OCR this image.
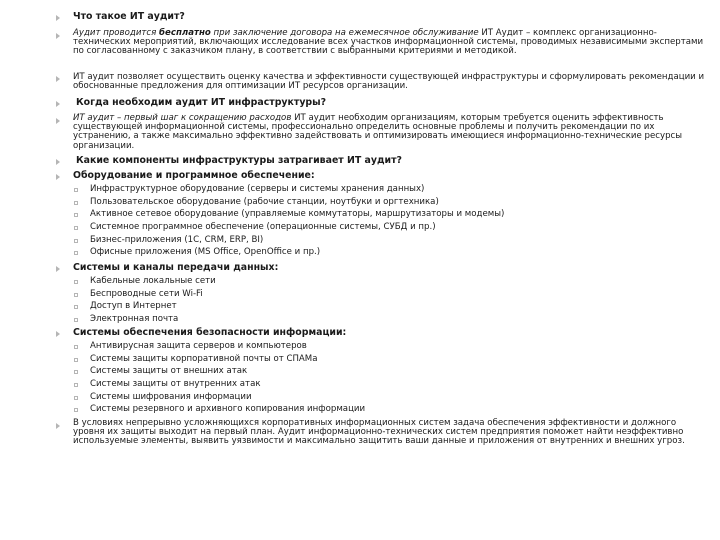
Что такое ИТ аудит?
Аудит проводится бесплатно при заключение договора на ежемесячное обслуживание ИТ Аудит – комплекс организационно-технических мероприятий, включающих исследование всех участков информационной системы, проводимых независимыми экспертами по согласованному с заказчиком плану, в соответствии с выбранными критериями и методикой.
ИТ аудит позволяет осуществить оценку качества и эффективности существующей инфраструктуры и сформулировать рекомендации и обоснованные предложения для оптимизации ИТ ресурсов организации.
Когда необходим аудит ИТ инфраструктуры?
ИТ аудит – первый шаг к сокращению расходов ИТ аудит необходим организациям, которым требуется оценить эффективность существующей информационной системы, профессионально определить основные проблемы и получить рекомендации по их устранению, а также максимально эффективно задействовать и оптимизировать имеющиеся информационно-технические ресурсы организации.
Какие компоненты инфраструктуры затрагивает ИТ аудит?
Оборудование и программное обеспечение:
Инфраструктурное оборудование (серверы и системы хранения данных)
Пользовательское оборудование (рабочие станции, ноутбуки и оргтехника)
Активное сетевое оборудование (управляемые коммутаторы, маршрутизаторы и модемы)
Системное программное обеспечение (операционные системы, СУБД и пр.)
Бизнес-приложения (1С, CRM, ERP, BI)
Офисные приложения (MS Office, OpenOffice и пр.)
Системы и каналы передачи данных:
Кабельные локальные сети
Беспроводные сети Wi-Fi
Доступ в Интернет
Электронная почта
Системы обеспечения безопасности информации:
Антивирусная защита серверов и компьютеров
Системы защиты корпоративной почты от СПАМа
Системы защиты от внешних атак
Системы защиты от внутренних атак
Системы шифрования информации
Системы резервного и архивного копирования информации
В условиях непрерывно усложняющихся корпоративных информационных систем задача обеспечения эффективности и должного уровня их защиты выходит на первый план. Аудит информационно-технических систем предприятия поможет найти неэффективно используемые элементы, выявить уязвимости и максимально защитить ваши данные и приложения от внутренних и внешних угроз.
